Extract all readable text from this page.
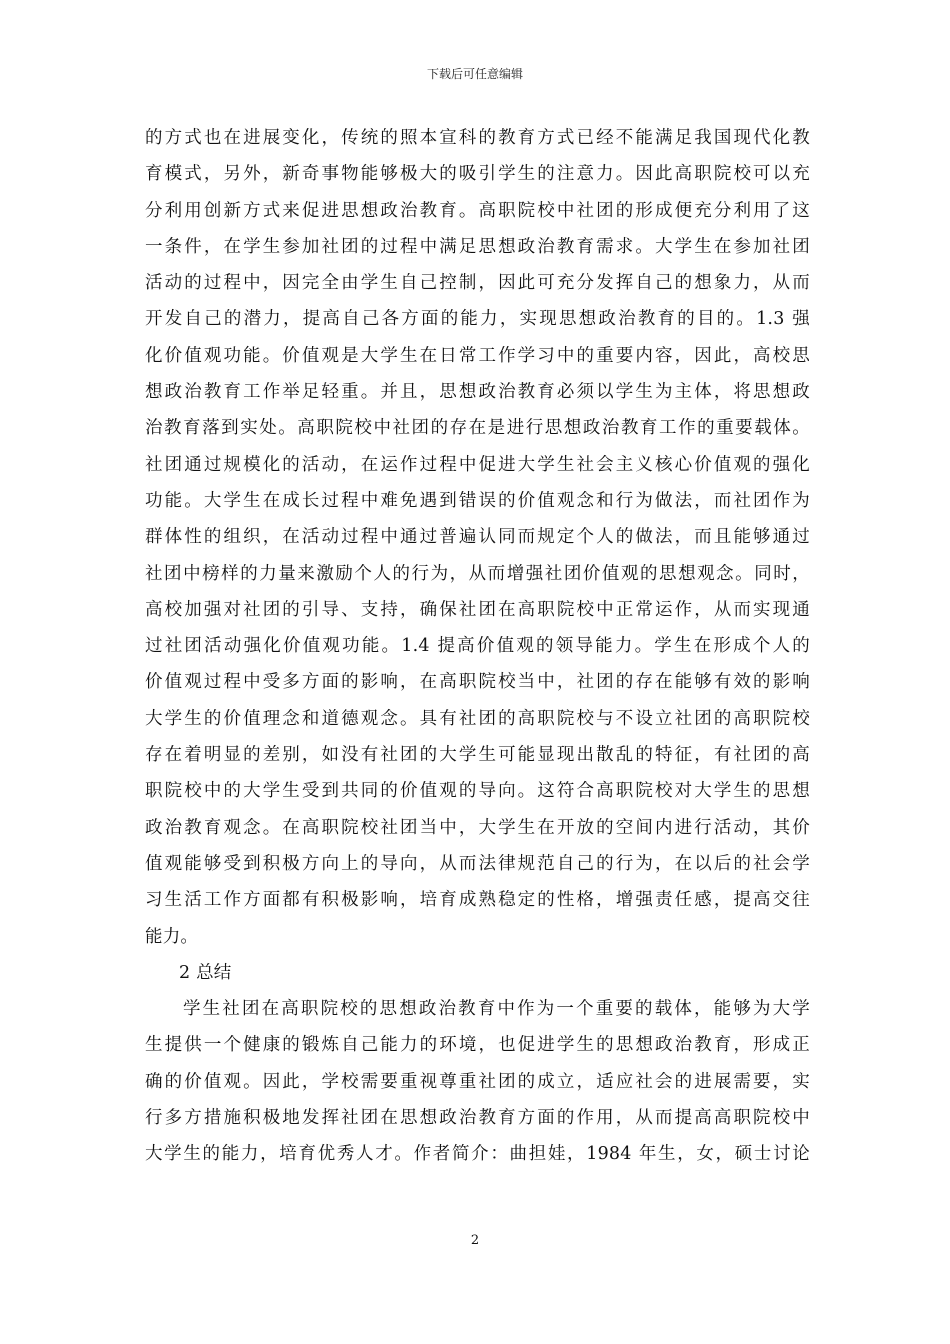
下载后可任意编辑
的方式也在进展变化，传统的照本宣科的教育方式已经不能满足我国现代化教
育模式，另外，新奇事物能够极大的吸引学生的注意力。因此高职院校可以充
分利用创新方式来促进思想政治教育。高职院校中社团的形成便充分利用了这
一条件，在学生参加社团的过程中满足思想政治教育需求。大学生在参加社团
活动的过程中，因完全由学生自己控制，因此可充分发挥自己的想象力，从而
开发自己的潜力，提高自己各方面的能力，实现思想政治教育的目的。1.3 强
化价值观功能。价值观是大学生在日常工作学习中的重要内容，因此，高校思
想政治教育工作举足轻重。并且，思想政治教育必须以学生为主体，将思想政
治教育落到实处。高职院校中社团的存在是进行思想政治教育工作的重要载体。
社团通过规模化的活动，在运作过程中促进大学生社会主义核心价值观的强化
功能。大学生在成长过程中难免遇到错误的价值观念和行为做法，而社团作为
群体性的组织，在活动过程中通过普遍认同而规定个人的做法，而且能够通过
社团中榜样的力量来激励个人的行为，从而增强社团价值观的思想观念。同时，
高校加强对社团的引导、支持，确保社团在高职院校中正常运作，从而实现通
过社团活动强化价值观功能。1.4 提高价值观的领导能力。学生在形成个人的
价值观过程中受多方面的影响，在高职院校当中，社团的存在能够有效的影响
大学生的价值理念和道德观念。具有社团的高职院校与不设立社团的高职院校
存在着明显的差别，如没有社团的大学生可能显现出散乱的特征，有社团的高
职院校中的大学生受到共同的价值观的导向。这符合高职院校对大学生的思想
政治教育观念。在高职院校社团当中，大学生在开放的空间内进行活动，其价
值观能够受到积极方向上的导向，从而法律规范自己的行为，在以后的社会学
习生活工作方面都有积极影响，培育成熟稳定的性格，增强责任感，提高交往
能力。
2 总结
学生社团在高职院校的思想政治教育中作为一个重要的载体，能够为大学
生提供一个健康的锻炼自己能力的环境，也促进学生的思想政治教育，形成正
确的价值观。因此，学校需要重视尊重社团的成立，适应社会的进展需要，实
行多方措施积极地发挥社团在思想政治教育方面的作用，从而提高高职院校中
大学生的能力，培育优秀人才。作者简介：曲担娃，1984 年生，女，硕士讨论
2
